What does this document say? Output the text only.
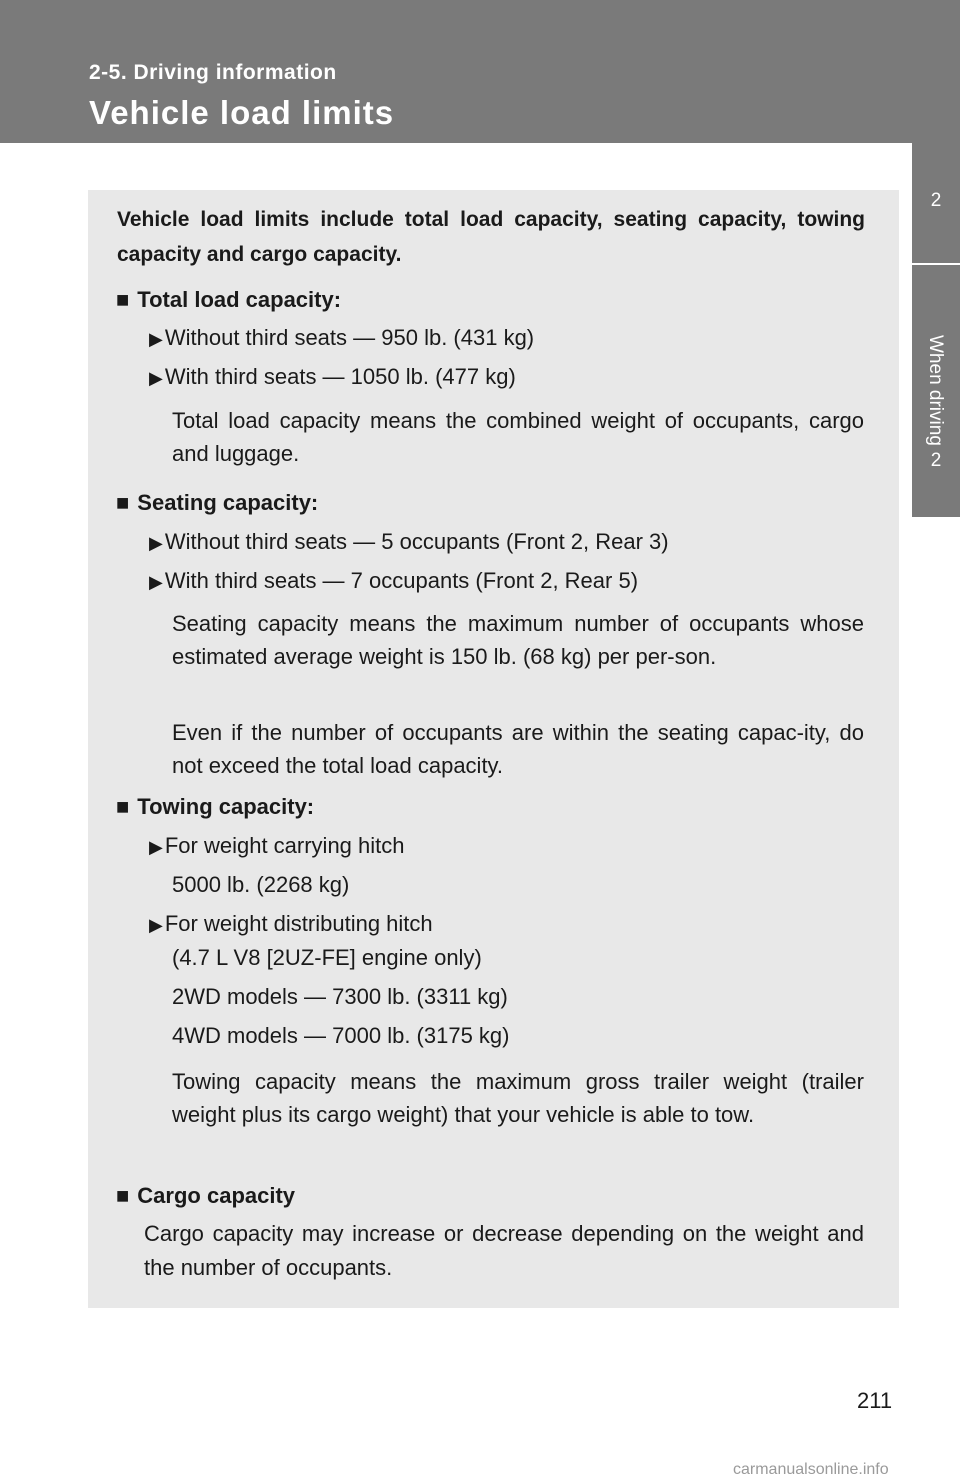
2-5. Driving information
Vehicle load limits
2
2
When driving
Vehicle load limits include total load capacity, seating capacity, towing capacity and cargo capacity.
■ Total load capacity:
▶Without third seats — 950 lb. (431 kg)
▶With third seats — 1050 lb. (477 kg)
Total load capacity means the combined weight of occupants, cargo and luggage.
■ Seating capacity:
▶Without third seats — 5 occupants (Front 2, Rear 3)
▶With third seats — 7 occupants (Front 2, Rear 5)
Seating capacity means the maximum number of occupants whose estimated average weight is 150 lb. (68 kg) per per-son.
Even if the number of occupants are within the seating capac-ity, do not exceed the total load capacity.
■ Towing capacity:
▶For weight carrying hitch
5000 lb. (2268 kg)
▶For weight distributing hitch
(4.7 L V8 [2UZ-FE] engine only)
2WD models — 7300 lb. (3311 kg)
4WD models — 7000 lb. (3175 kg)
Towing capacity means the maximum gross trailer weight (trailer weight plus its cargo weight) that your vehicle is able to tow.
■ Cargo capacity
Cargo capacity may increase or decrease depending on the weight and the number of occupants.
211
carmanualsonline.info
